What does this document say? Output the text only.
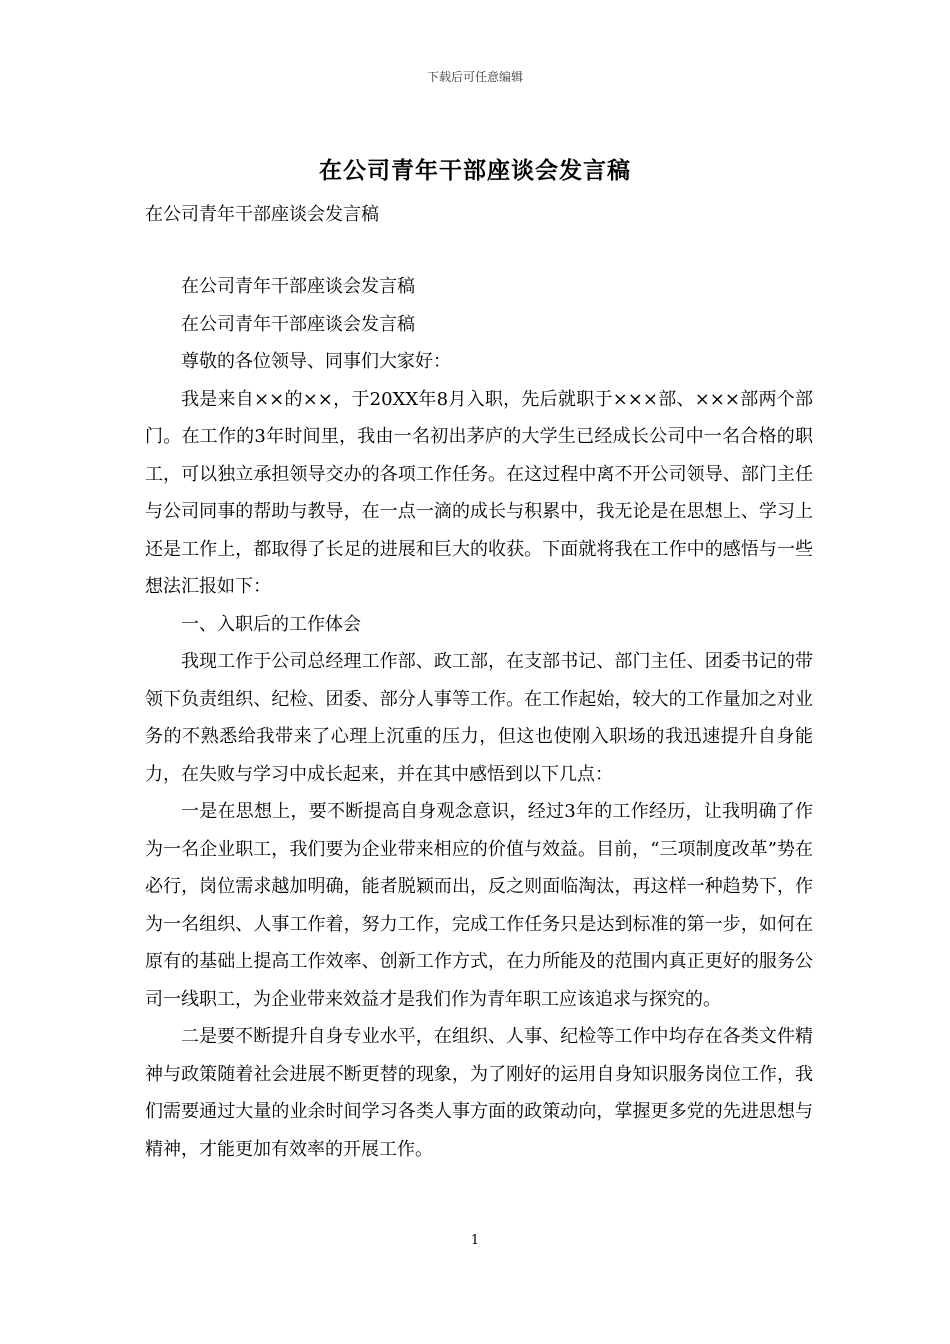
下载后可任意编辑
在公司青年干部座谈会发言稿
在公司青年干部座谈会发言稿

在公司青年干部座谈会发言稿

在公司青年干部座谈会发言稿

尊敬的各位领导、同事们大家好：

我是来自××的××，于20XX年8月入职，先后就职于×××部、×××部两个部门。在工作的3年时间里，我由一名初出茅庐的大学生已经成长公司中一名合格的职工，可以独立承担领导交办的各项工作任务。在这过程中离不开公司领导、部门主任与公司同事的帮助与教导，在一点一滴的成长与积累中，我无论是在思想上、学习上还是工作上，都取得了长足的进展和巨大的收获。下面就将我在工作中的感悟与一些想法汇报如下：

一、入职后的工作体会

我现工作于公司总经理工作部、政工部，在支部书记、部门主任、团委书记的带领下负责组织、纪检、团委、部分人事等工作。在工作起始，较大的工作量加之对业务的不熟悉给我带来了心理上沉重的压力，但这也使刚入职场的我迅速提升自身能力，在失败与学习中成长起来，并在其中感悟到以下几点：

一是在思想上，要不断提高自身观念意识，经过3年的工作经历，让我明确了作为一名企业职工，我们要为企业带来相应的价值与效益。目前，“三项制度改革”势在必行，岗位需求越加明确，能者脱颖而出，反之则面临淘汰，再这样一种趋势下，作为一名组织、人事工作着，努力工作，完成工作任务只是达到标准的第一步，如何在原有的基础上提高工作效率、创新工作方式，在力所能及的范围内真正更好的服务公司一线职工，为企业带来效益才是我们作为青年职工应该追求与探究的。

二是要不断提升自身专业水平，在组织、人事、纪检等工作中均存在各类文件精神与政策随着社会进展不断更替的现象，为了刚好的运用自身知识服务岗位工作，我们需要通过大量的业余时间学习各类人事方面的政策动向，掌握更多党的先进思想与精神，才能更加有效率的开展工作。

1
